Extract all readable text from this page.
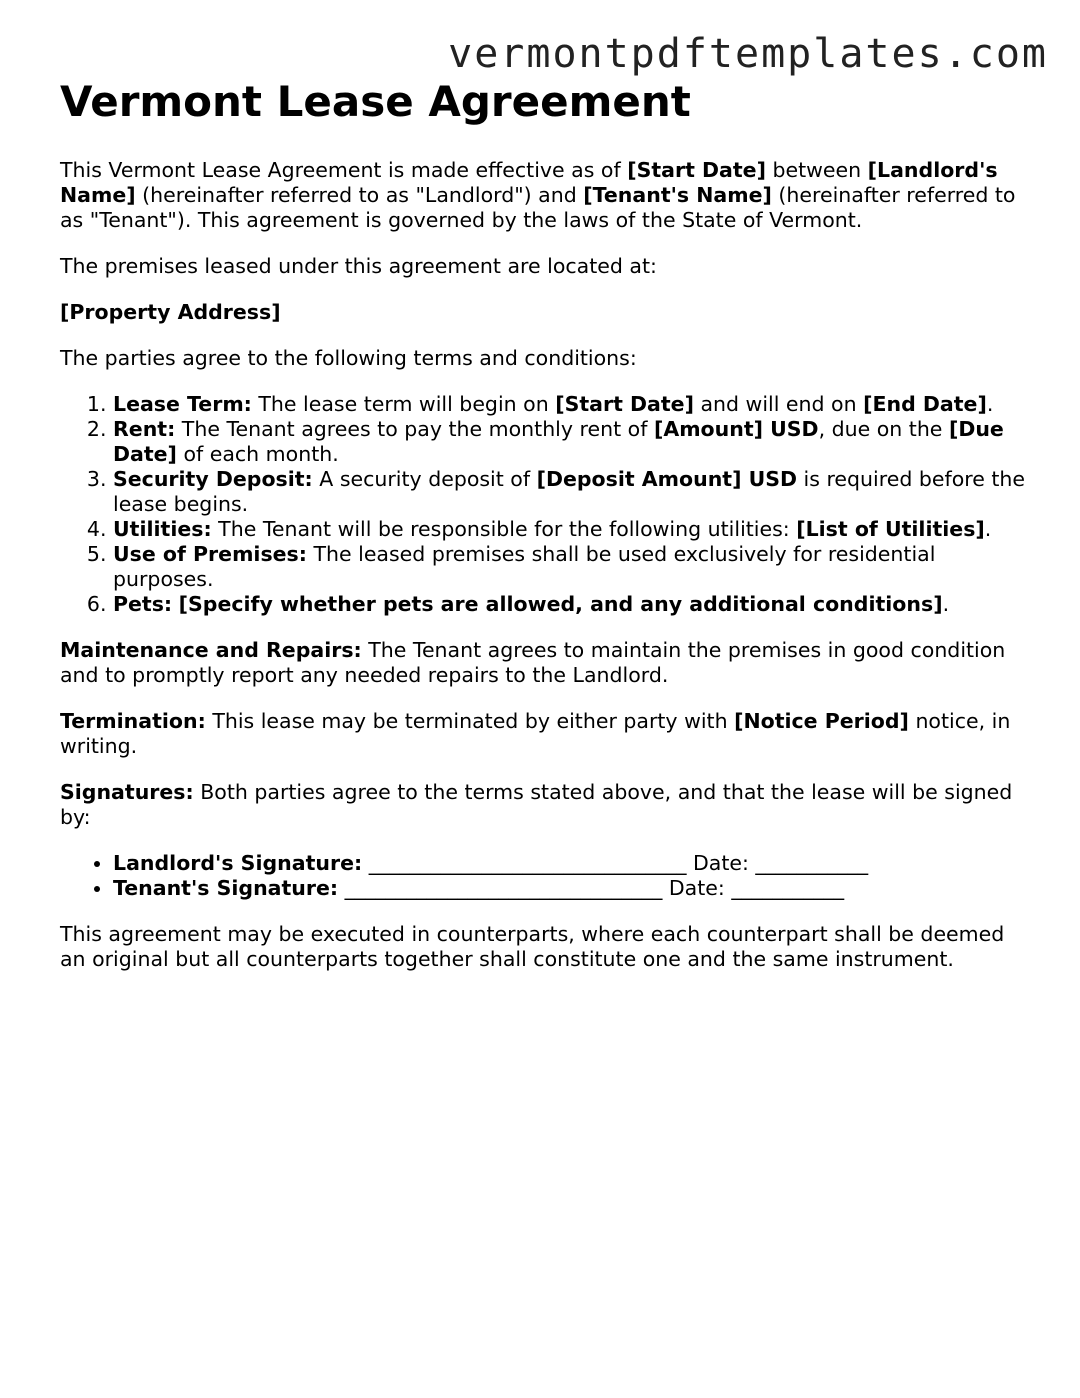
vermontpdftemplates.com
Vermont Lease Agreement

This Vermont Lease Agreement is made effective as of [Start Date] between [Landlord's Name] (hereinafter referred to as "Landlord") and [Tenant's Name] (hereinafter referred to as "Tenant"). This agreement is governed by the laws of the State of Vermont.

The premises leased under this agreement are located at:

[Property Address]

The parties agree to the following terms and conditions:

1. Lease Term: The lease term will begin on [Start Date] and will end on [End Date].
2. Rent: The Tenant agrees to pay the monthly rent of [Amount] USD, due on the [Due Date] of each month.
3. Security Deposit: A security deposit of [Deposit Amount] USD is required before the lease begins.
4. Utilities: The Tenant will be responsible for the following utilities: [List of Utilities].
5. Use of Premises: The leased premises shall be used exclusively for residential purposes.
6. Pets: [Specify whether pets are allowed, and any additional conditions].

Maintenance and Repairs: The Tenant agrees to maintain the premises in good condition and to promptly report any needed repairs to the Landlord.

Termination: This lease may be terminated by either party with [Notice Period] notice, in writing.

Signatures: Both parties agree to the terms stated above, and that the lease will be signed by:

• Landlord's Signature: _______________________________ Date: ___________
• Tenant's Signature: _______________________________ Date: ___________

This agreement may be executed in counterparts, where each counterpart shall be deemed an original but all counterparts together shall constitute one and the same instrument.
